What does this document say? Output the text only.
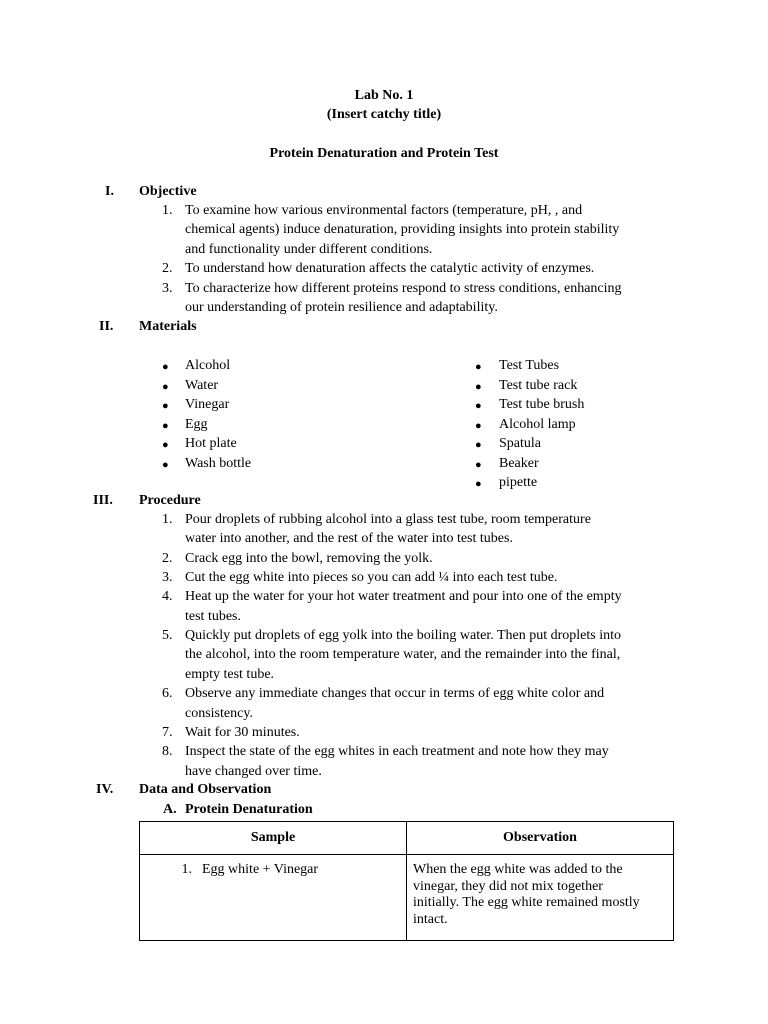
Lab No. 1
(Insert catchy title)
Protein Denaturation and Protein Test
I. Objective
1. To examine how various environmental factors (temperature, pH, , and
chemical agents) induce denaturation, providing insights into protein stability
and functionality under different conditions.
2. To understand how denaturation affects the catalytic activity of enzymes.
3. To characterize how different proteins respond to stress conditions, enhancing
our understanding of protein resilience and adaptability.
II. Materials
● Alcohol
● Water
● Vinegar
● Egg
● Hot plate
● Wash bottle
● Test Tubes
● Test tube rack
● Test tube brush
● Alcohol lamp
● Spatula
● Beaker
● pipette
III. Procedure
1. Pour droplets of rubbing alcohol into a glass test tube, room temperature
water into another, and the rest of the water into test tubes.
2. Crack egg into the bowl, removing the yolk.
3. Cut the egg white into pieces so you can add ¼ into each test tube.
4. Heat up the water for your hot water treatment and pour into one of the empty
test tubes.
5. Quickly put droplets of egg yolk into the boiling water. Then put droplets into
the alcohol, into the room temperature water, and the remainder into the final,
empty test tube.
6. Observe any immediate changes that occur in terms of egg white color and
consistency.
7. Wait for 30 minutes.
8. Inspect the state of the egg whites in each treatment and note how they may
have changed over time.
IV. Data and Observation
A. Protein Denaturation
Sample	Observation
1. Egg white + Vinegar	When the egg white was added to the
vinegar, they did not mix together
initially. The egg white remained mostly
intact.
